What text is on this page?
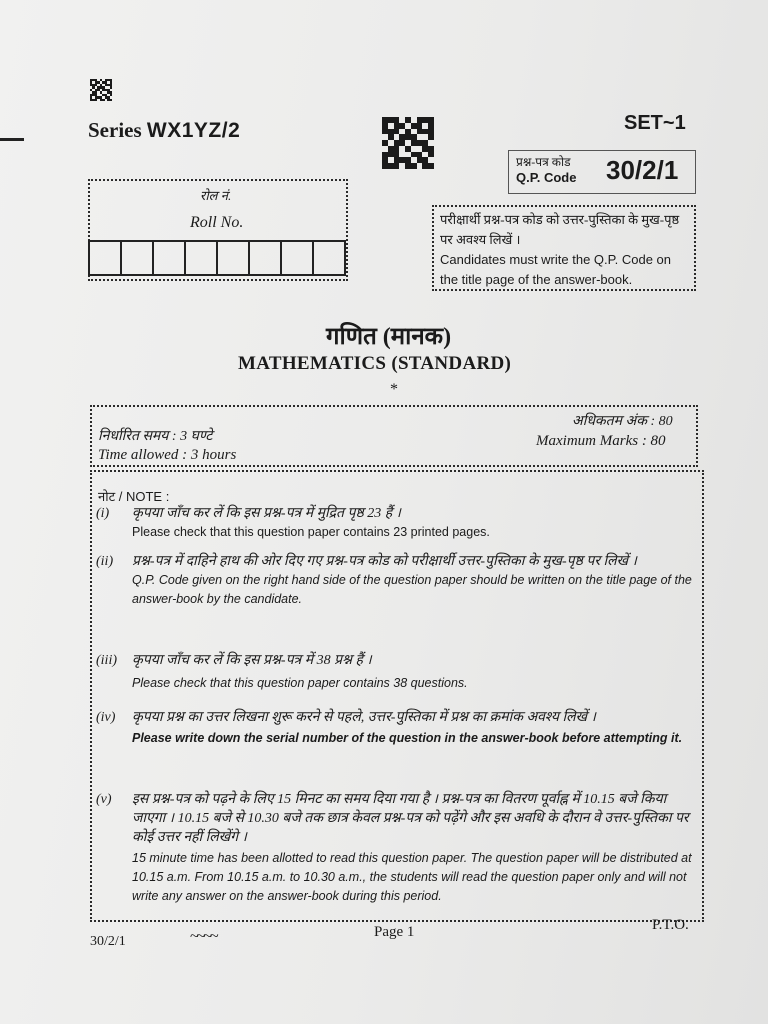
Series WX1YZ/2	SET~1
प्रश्न-पत्र कोड
Q.P. Code 30/2/1
रोल नं.
Roll No.	परीक्षार्थी प्रश्न-पत्र कोड को उत्तर-पुस्तिका के मुख-पृष्ठ पर अवश्य लिखें ।
Candidates must write the Q.P. Code on the title page of the answer-book.
गणित (मानक)
MATHEMATICS (STANDARD)
*
निर्धारित समय : 3 घण्टे
Time allowed : 3 hours
अधिकतम अंक : 80
Maximum Marks : 80
नोट / NOTE :
(i) कृपया जाँच कर लें कि इस प्रश्न-पत्र में मुद्रित पृष्ठ 23 हैं ।
Please check that this question paper contains 23 printed pages.
(ii) प्रश्न-पत्र में दाहिने हाथ की ओर दिए गए प्रश्न-पत्र कोड को परीक्षार्थी उत्तर-पुस्तिका के मुख-पृष्ठ पर लिखें ।
Q.P. Code given on the right hand side of the question paper should be written on the title page of the answer-book by the candidate.
(iii) कृपया जाँच कर लें कि इस प्रश्न-पत्र में 38 प्रश्न हैं ।
Please check that this question paper contains 38 questions.
(iv) कृपया प्रश्न का उत्तर लिखना शुरू करने से पहले, उत्तर-पुस्तिका में प्रश्न का क्रमांक अवश्य लिखें ।
Please write down the serial number of the question in the answer-book before attempting it.
(v) इस प्रश्न-पत्र को पढ़ने के लिए 15 मिनट का समय दिया गया है । प्रश्न-पत्र का वितरण पूर्वाह्न में 10.15 बजे किया जाएगा । 10.15 बजे से 10.30 बजे तक छात्र केवल प्रश्न-पत्र को पढ़ेंगे और इस अवधि के दौरान वे उत्तर-पुस्तिका पर कोई उत्तर नहीं लिखेंगे ।
15 minute time has been allotted to read this question paper. The question paper will be distributed at 10.15 a.m. From 10.15 a.m. to 10.30 a.m., the students will read the question paper only and will not write any answer on the answer-book during this period.
30/2/1	~~~~	Page 1	P.T.O.
